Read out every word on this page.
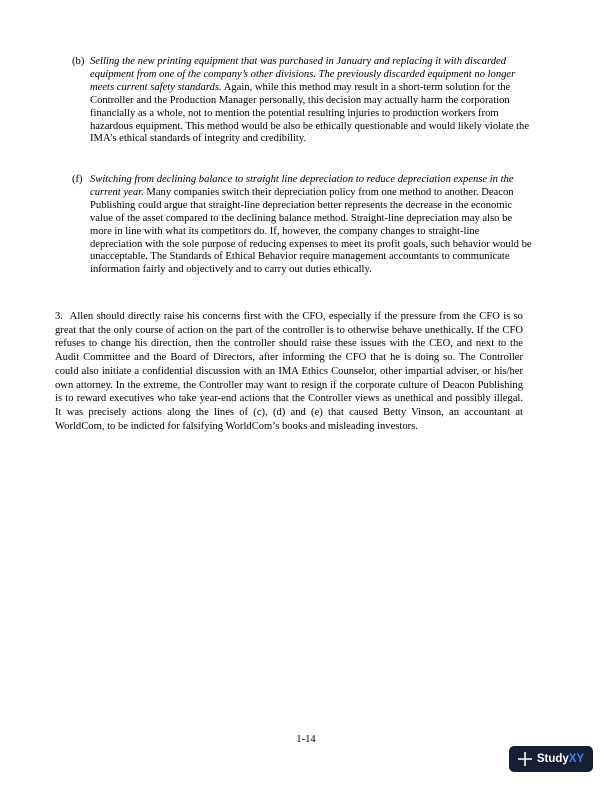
(b) Selling the new printing equipment that was purchased in January and replacing it with discarded equipment from one of the company’s other divisions. The previously discarded equipment no longer meets current safety standards. Again, while this method may result in a short-term solution for the Controller and the Production Manager personally, this decision may actually harm the corporation financially as a whole, not to mention the potential resulting injuries to production workers from hazardous equipment. This method would be also be ethically questionable and would likely violate the IMA’s ethical standards of integrity and credibility.
(f) Switching from declining balance to straight line depreciation to reduce depreciation expense in the current year. Many companies switch their depreciation policy from one method to another. Deacon Publishing could argue that straight-line depreciation better represents the decrease in the economic value of the asset compared to the declining balance method. Straight-line depreciation may also be more in line with what its competitors do. If, however, the company changes to straight-line depreciation with the sole purpose of reducing expenses to meet its profit goals, such behavior would be unacceptable. The Standards of Ethical Behavior require management accountants to communicate information fairly and objectively and to carry out duties ethically.
3. Allen should directly raise his concerns first with the CFO, especially if the pressure from the CFO is so great that the only course of action on the part of the controller is to otherwise behave unethically. If the CFO refuses to change his direction, then the controller should raise these issues with the CEO, and next to the Audit Committee and the Board of Directors, after informing the CFO that he is doing so. The Controller could also initiate a confidential discussion with an IMA Ethics Counselor, other impartial adviser, or his/her own attorney. In the extreme, the Controller may want to resign if the corporate culture of Deacon Publishing is to reward executives who take year-end actions that the Controller views as unethical and possibly illegal. It was precisely actions along the lines of (c), (d) and (e) that caused Betty Vinson, an accountant at WorldCom, to be indicted for falsifying WorldCom’s books and misleading investors.
1-14
Study XY
